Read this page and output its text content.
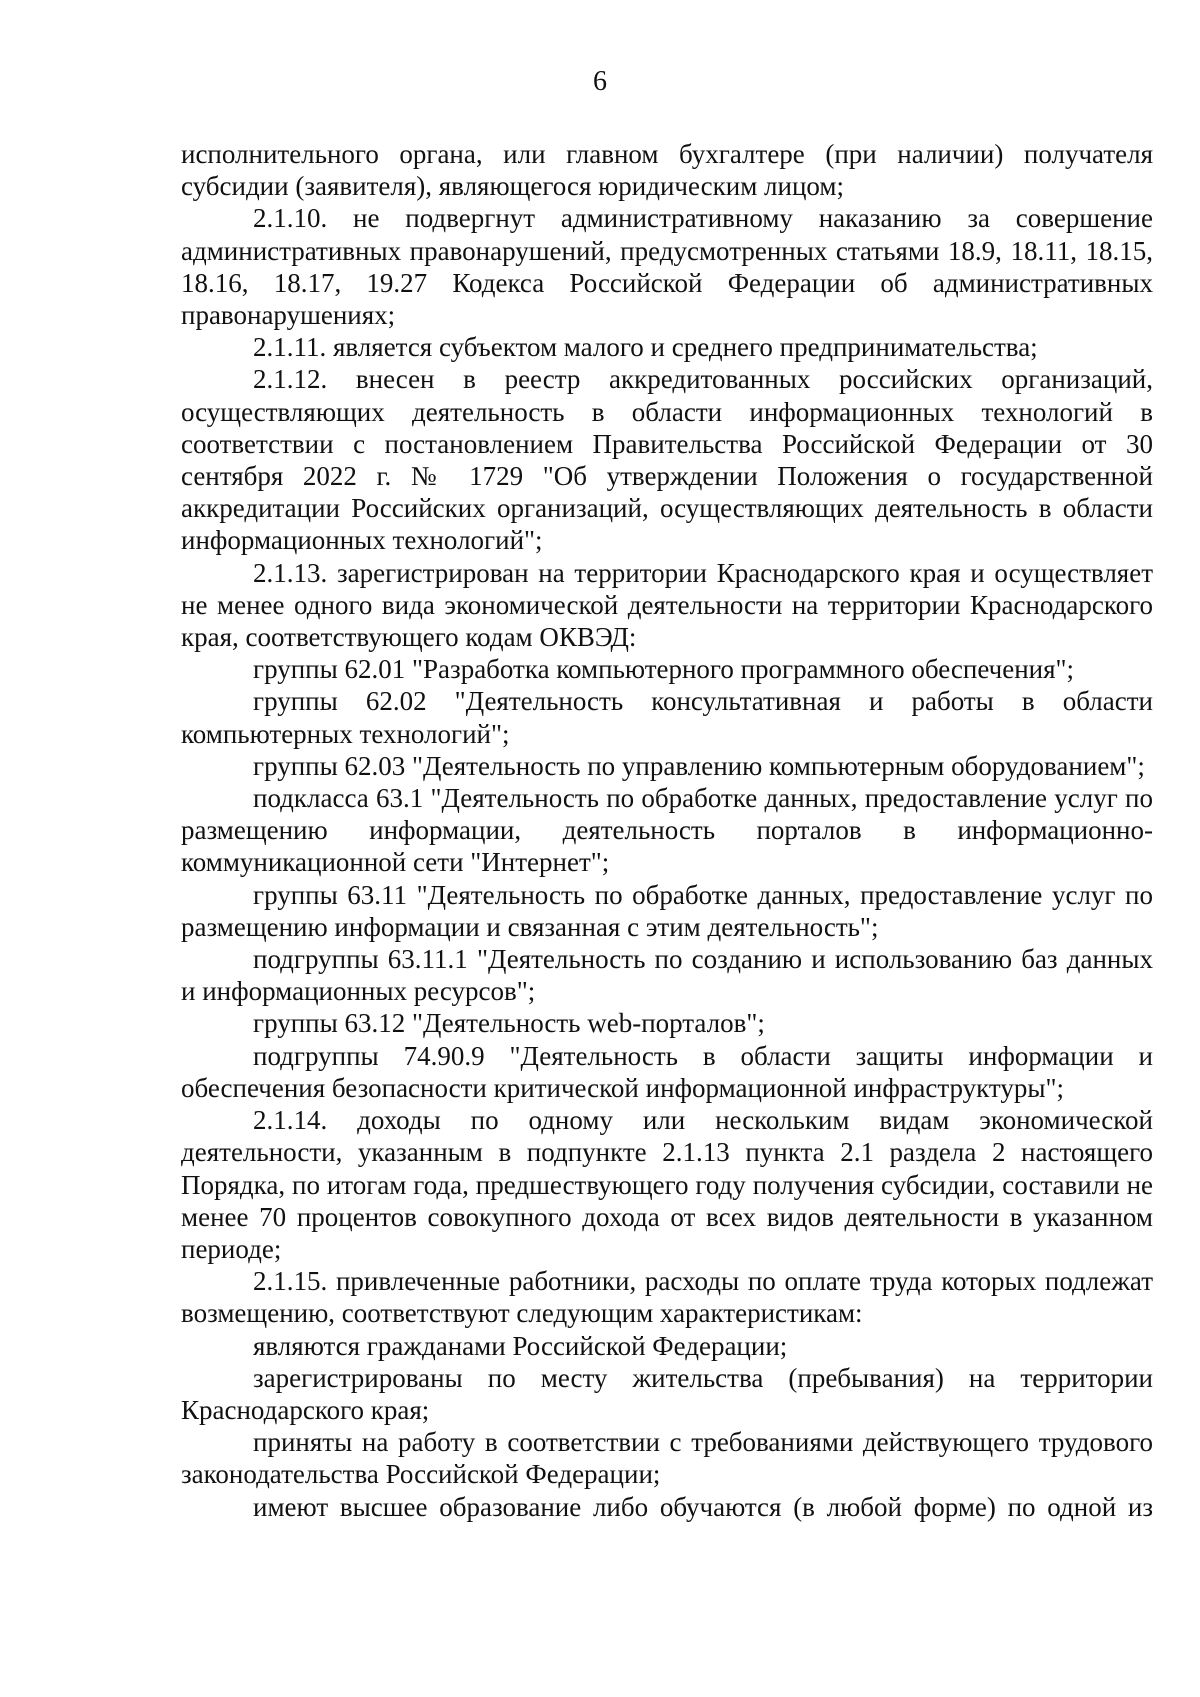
6

исполнительного органа, или главном бухгалтере (при наличии) получателя субсидии (заявителя), являющегося юридическим лицом;

2.1.10. не подвергнут административному наказанию за совершение административных правонарушений, предусмотренных статьями 18.9, 18.11, 18.15, 18.16, 18.17, 19.27 Кодекса Российской Федерации об административных правонарушениях;

2.1.11. является субъектом малого и среднего предпринимательства;

2.1.12. внесен в реестр аккредитованных российских организаций, осуществляющих деятельность в области информационных технологий в соответствии с постановлением Правительства Российской Федерации от 30 сентября 2022 г. № 1729 "Об утверждении Положения о государственной аккредитации Российских организаций, осуществляющих деятельность в области информационных технологий";

2.1.13. зарегистрирован на территории Краснодарского края и осуществляет не менее одного вида экономической деятельности на территории Краснодарского края, соответствующего кодам ОКВЭД:

группы 62.01 "Разработка компьютерного программного обеспечения";

группы 62.02 "Деятельность консультативная и работы в области компьютерных технологий";

группы 62.03 "Деятельность по управлению компьютерным оборудованием";

подкласса 63.1 "Деятельность по обработке данных, предоставление услуг по размещению информации, деятельность порталов в информационно-коммуникационной сети "Интернет";

группы 63.11 "Деятельность по обработке данных, предоставление услуг по размещению информации и связанная с этим деятельность";

подгруппы 63.11.1 "Деятельность по созданию и использованию баз данных и информационных ресурсов";

группы 63.12 "Деятельность web-порталов";

подгруппы 74.90.9 "Деятельность в области защиты информации и обеспечения безопасности критической информационной инфраструктуры";

2.1.14. доходы по одному или нескольким видам экономической деятельности, указанным в подпункте 2.1.13 пункта 2.1 раздела 2 настоящего Порядка, по итогам года, предшествующего году получения субсидии, составили не менее 70 процентов совокупного дохода от всех видов деятельности в указанном периоде;

2.1.15. привлеченные работники, расходы по оплате труда которых подлежат возмещению, соответствуют следующим характеристикам:

являются гражданами Российской Федерации;

зарегистрированы по месту жительства (пребывания) на территории Краснодарского края;

приняты на работу в соответствии с требованиями действующего трудового законодательства Российской Федерации;

имеют высшее образование либо обучаются (в любой форме) по одной из
